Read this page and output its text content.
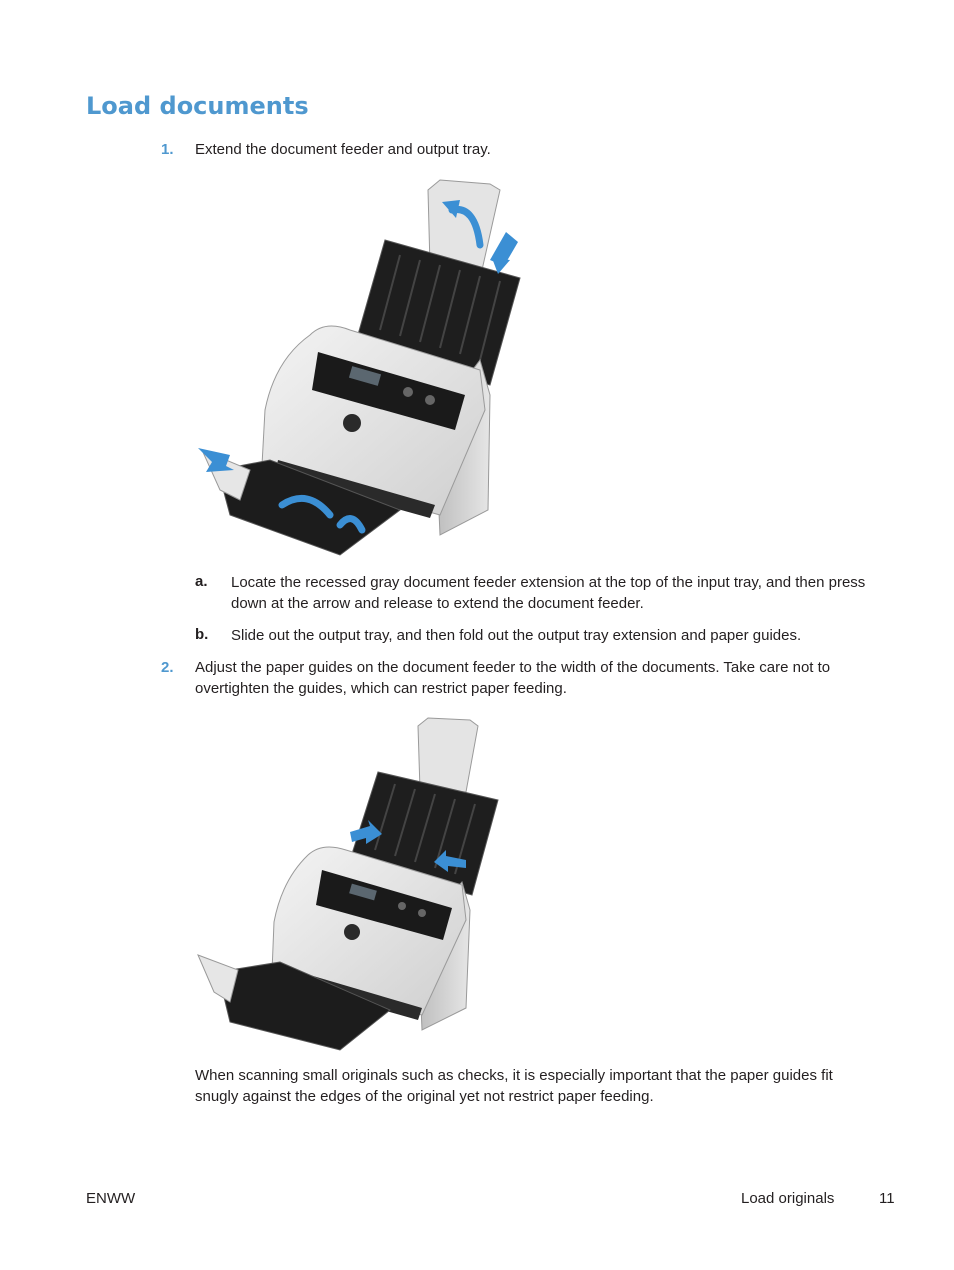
Load documents
1. Extend the document feeder and output tray.
a. Locate the recessed gray document feeder extension at the top of the input tray, and then press down at the arrow and release to extend the document feeder.
b. Slide out the output tray, and then fold out the output tray extension and paper guides.
2. Adjust the paper guides on the document feeder to the width of the documents. Take care not to overtighten the guides, which can restrict paper feeding.
When scanning small originals such as checks, it is especially important that the paper guides fit snugly against the edges of the original yet not restrict paper feeding.
ENWW	Load originals	11
